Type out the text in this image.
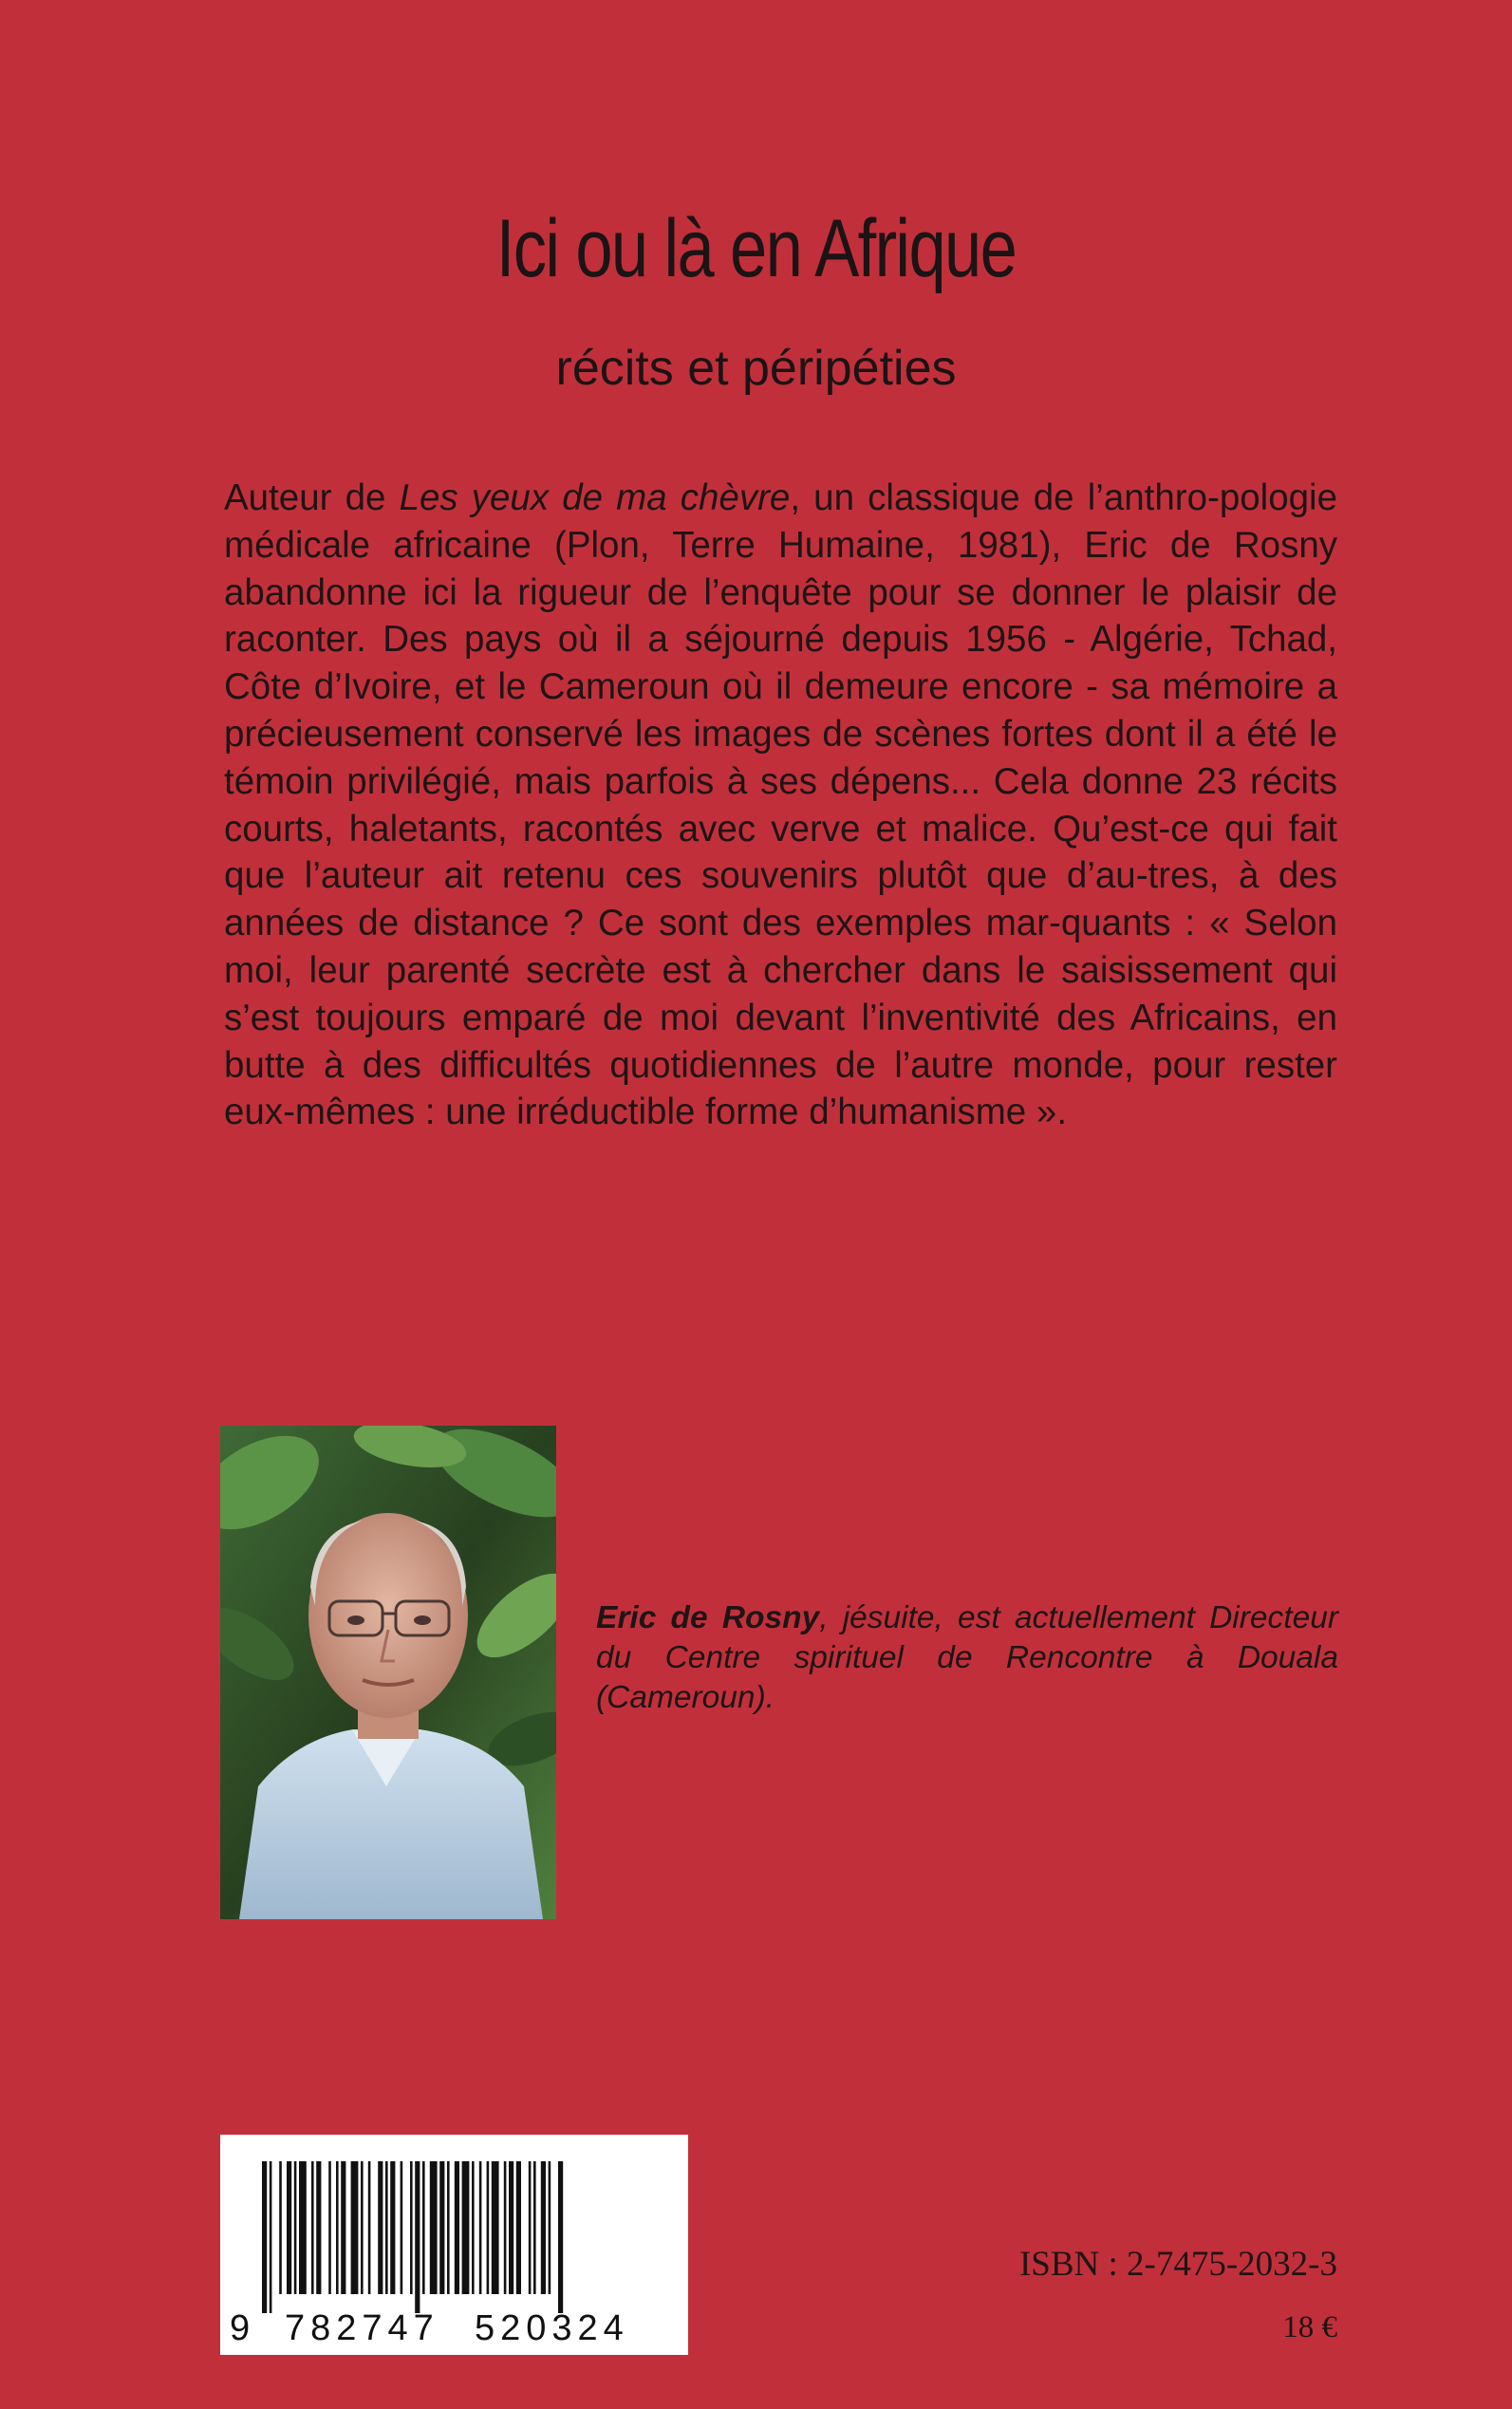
Ici ou là en Afrique
récits et péripéties
Auteur de Les yeux de ma chèvre, un classique de l’anthro-pologie médicale africaine (Plon, Terre Humaine, 1981), Eric de Rosny abandonne ici la rigueur de l’enquête pour se donner le plaisir de raconter. Des pays où il a séjourné depuis 1956 - Algérie, Tchad, Côte d’Ivoire, et le Cameroun où il demeure encore - sa mémoire a précieusement conservé les images de scènes fortes dont il a été le témoin privilégié, mais parfois à ses dépens... Cela donne 23 récits courts, haletants, racontés avec verve et malice. Qu’est-ce qui fait que l’auteur ait retenu ces souvenirs plutôt que d’au-tres, à des années de distance ? Ce sont des exemples mar-quants : « Selon moi, leur parenté secrète est à chercher dans le saisissement qui s’est toujours emparé de moi devant l’inventivité des Africains, en butte à des difficultés quotidiennes de l’autre monde, pour rester eux-mêmes : une irréductible forme d’humanisme ».
Eric de Rosny, jésuite, est actuellement Directeur du Centre spirituel de Rencontre à Douala (Cameroun).
9 782747 520324
ISBN : 2-7475-2032-3
18 €
